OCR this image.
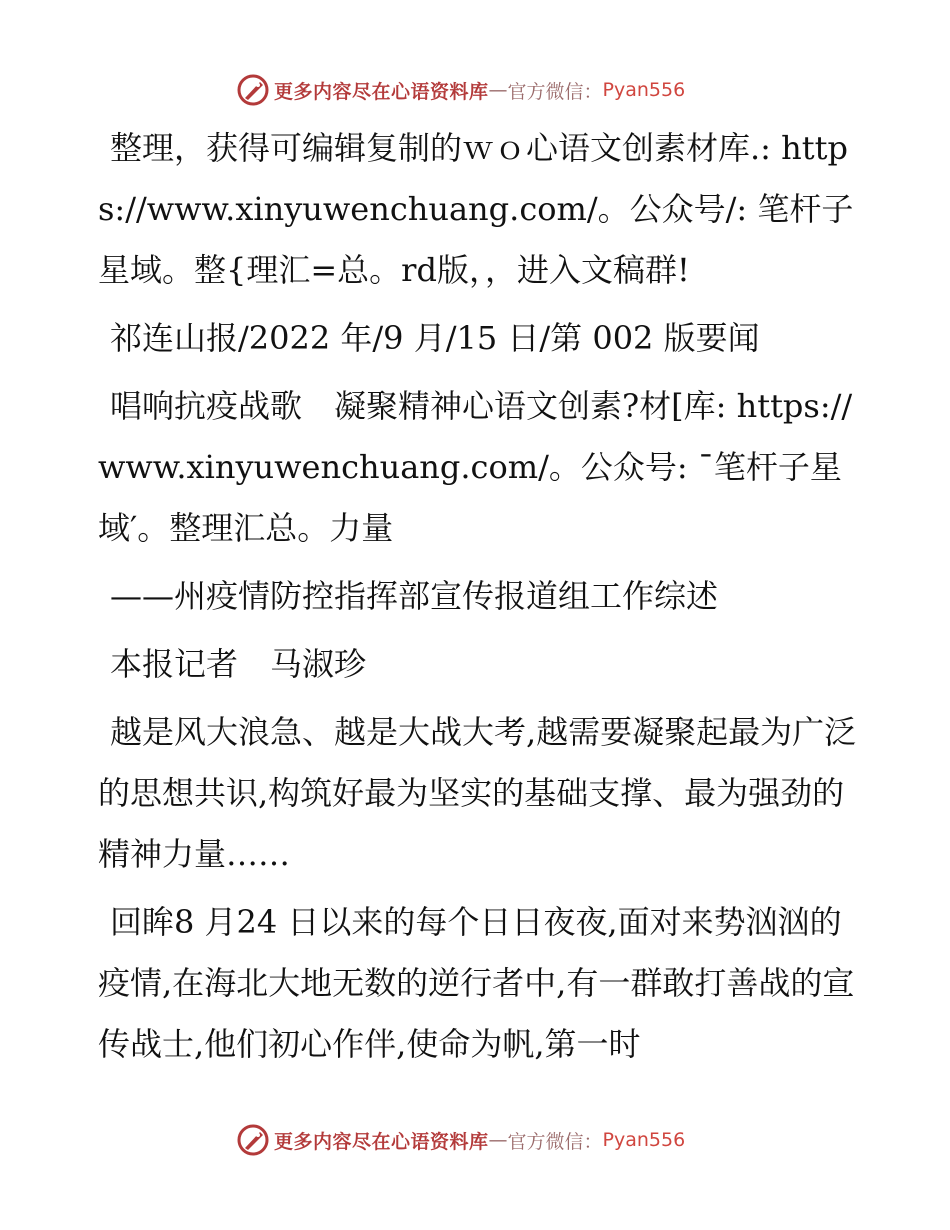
更多内容尽在心语资料库 — 官方微信： Pyan556

整理，获得可编辑复制的ｗｏ心语文创素材库.: https://www.xinyuwenchuang.com/。公众号/: 笔杆子星域。整{理汇=总。rd版，，进入文稿群!

祁连山报/2022 年/9 月/15 日/第 002 版要闻

唱响抗疫战歌　凝聚精神心语文创素?材[库: https://www.xinyuwenchuang.com/。公众号: ¯笔杆子星域′。整理汇总。力量

——州疫情防控指挥部宣传报道组工作综述

本报记者　马淑珍

越是风大浪急、越是大战大考,越需要凝聚起最为广泛的思想共识,构筑好最为坚实的基础支撑、最为强劲的精神力量……

回眸8 月24 日以来的每个日日夜夜,面对来势汹汹的疫情,在海北大地无数的逆行者中,有一群敢打善战的宣传战士,他们初心作伴,使命为帆,第一时

更多内容尽在心语资料库 — 官方微信： Pyan556
